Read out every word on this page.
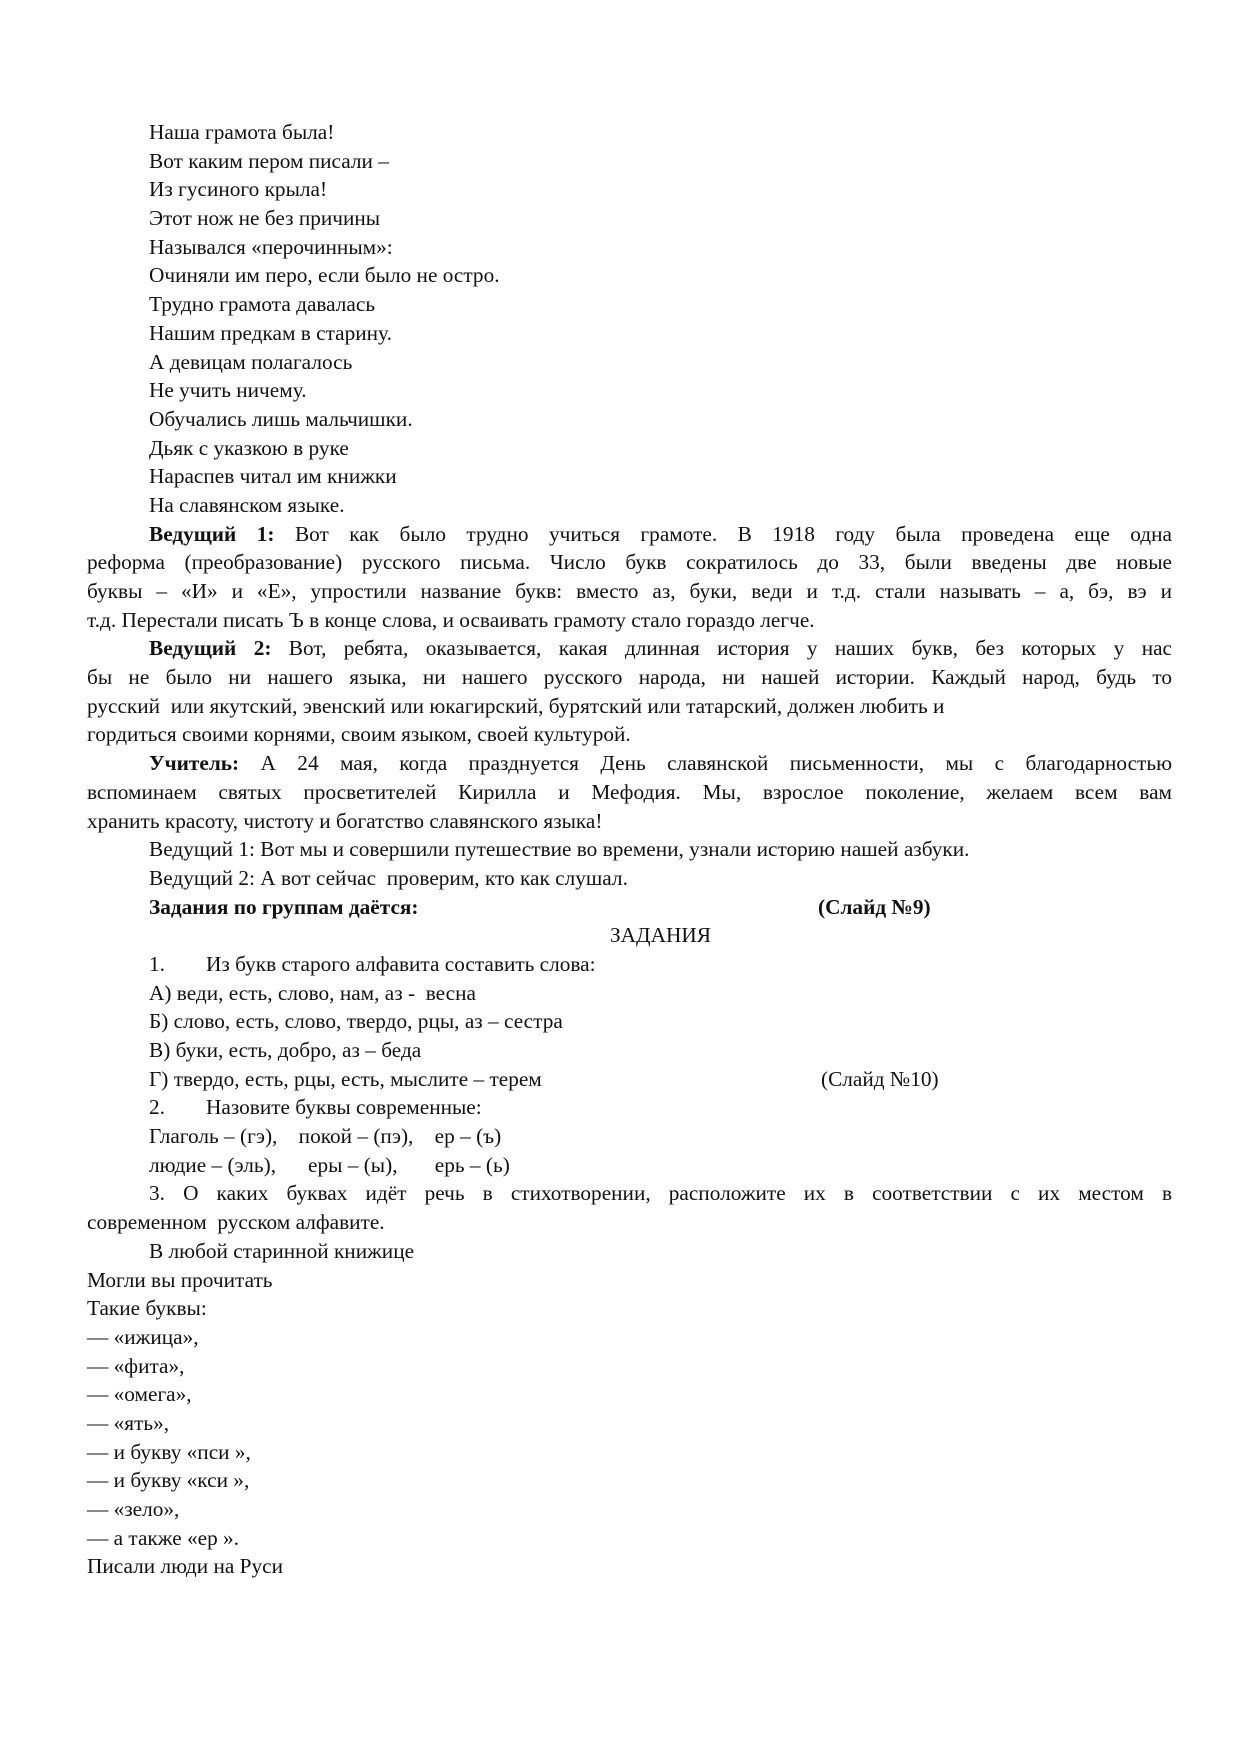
Наша грамота была!
Вот каким пером писали –
Из гусиного крыла!
Этот нож не без причины
Назывался «перочинным»:
Очиняли им перо, если было не остро.
Трудно грамота давалась
Нашим предкам в старину.
А девицам полагалось
Не учить ничему.
Обучались лишь мальчишки.
Дьяк с указкою в руке
Нараспев читал им книжки
На славянском языке.
Ведущий 1: Вот как было трудно учиться грамоте. В 1918 году была проведена еще одна
реформа (преобразование) русского письма. Число букв сократилось до 33, были введены две новые
буквы – «И» и «Е», упростили название букв: вместо аз, буки, веди и т.д. стали называть – а, бэ, вэ и
т.д. Перестали писать Ъ в конце слова, и осваивать грамоту стало гораздо легче.
Ведущий 2: Вот, ребята, оказывается, какая длинная история у наших букв, без которых у нас
бы не было ни нашего языка, ни нашего русского народа, ни нашей истории. Каждый народ, будь то
русский  или якутский, эвенский или юкагирский, бурятский или татарский, должен любить и
гордиться своими корнями, своим языком, своей культурой.
Учитель: А 24 мая, когда празднуется День славянской письменности, мы с благодарностью
вспоминаем святых просветителей Кирилла и Мефодия. Мы, взрослое поколение, желаем всем вам
хранить красоту, чистоту и богатство славянского языка!
Ведущий 1: Вот мы и совершили путешествие во времени, узнали историю нашей азбуки.
Ведущий 2: А вот сейчас  проверим, кто как слушал.
Задания по группам даётся:	(Слайд №9)
ЗАДАНИЯ
1. Из букв старого алфавита составить слова:
А) веди, есть, слово, нам, аз -  весна
Б) слово, есть, слово, твердо, рцы, аз – сестра
В) буки, есть, добро, аз – беда
Г) твердо, есть, рцы, есть, мыслите – терем	(Слайд №10)
2. Назовите буквы современные:
Глаголь – (гэ),    покой – (пэ),    ер – (ъ)
людие – (эль),      еры – (ы),       ерь – (ь)
3. О каких буквах идёт речь в стихотворении, расположите их в соответствии с их местом в
современном  русском алфавите.
В любой старинной книжице
Могли вы прочитать
Такие буквы:
— «ижица»,
— «фита»,
— «омега»,
— «ять»,
— и букву «пси »,
— и букву «кси »,
— «зело»,
— а также «ер ».
Писали люди на Руси
